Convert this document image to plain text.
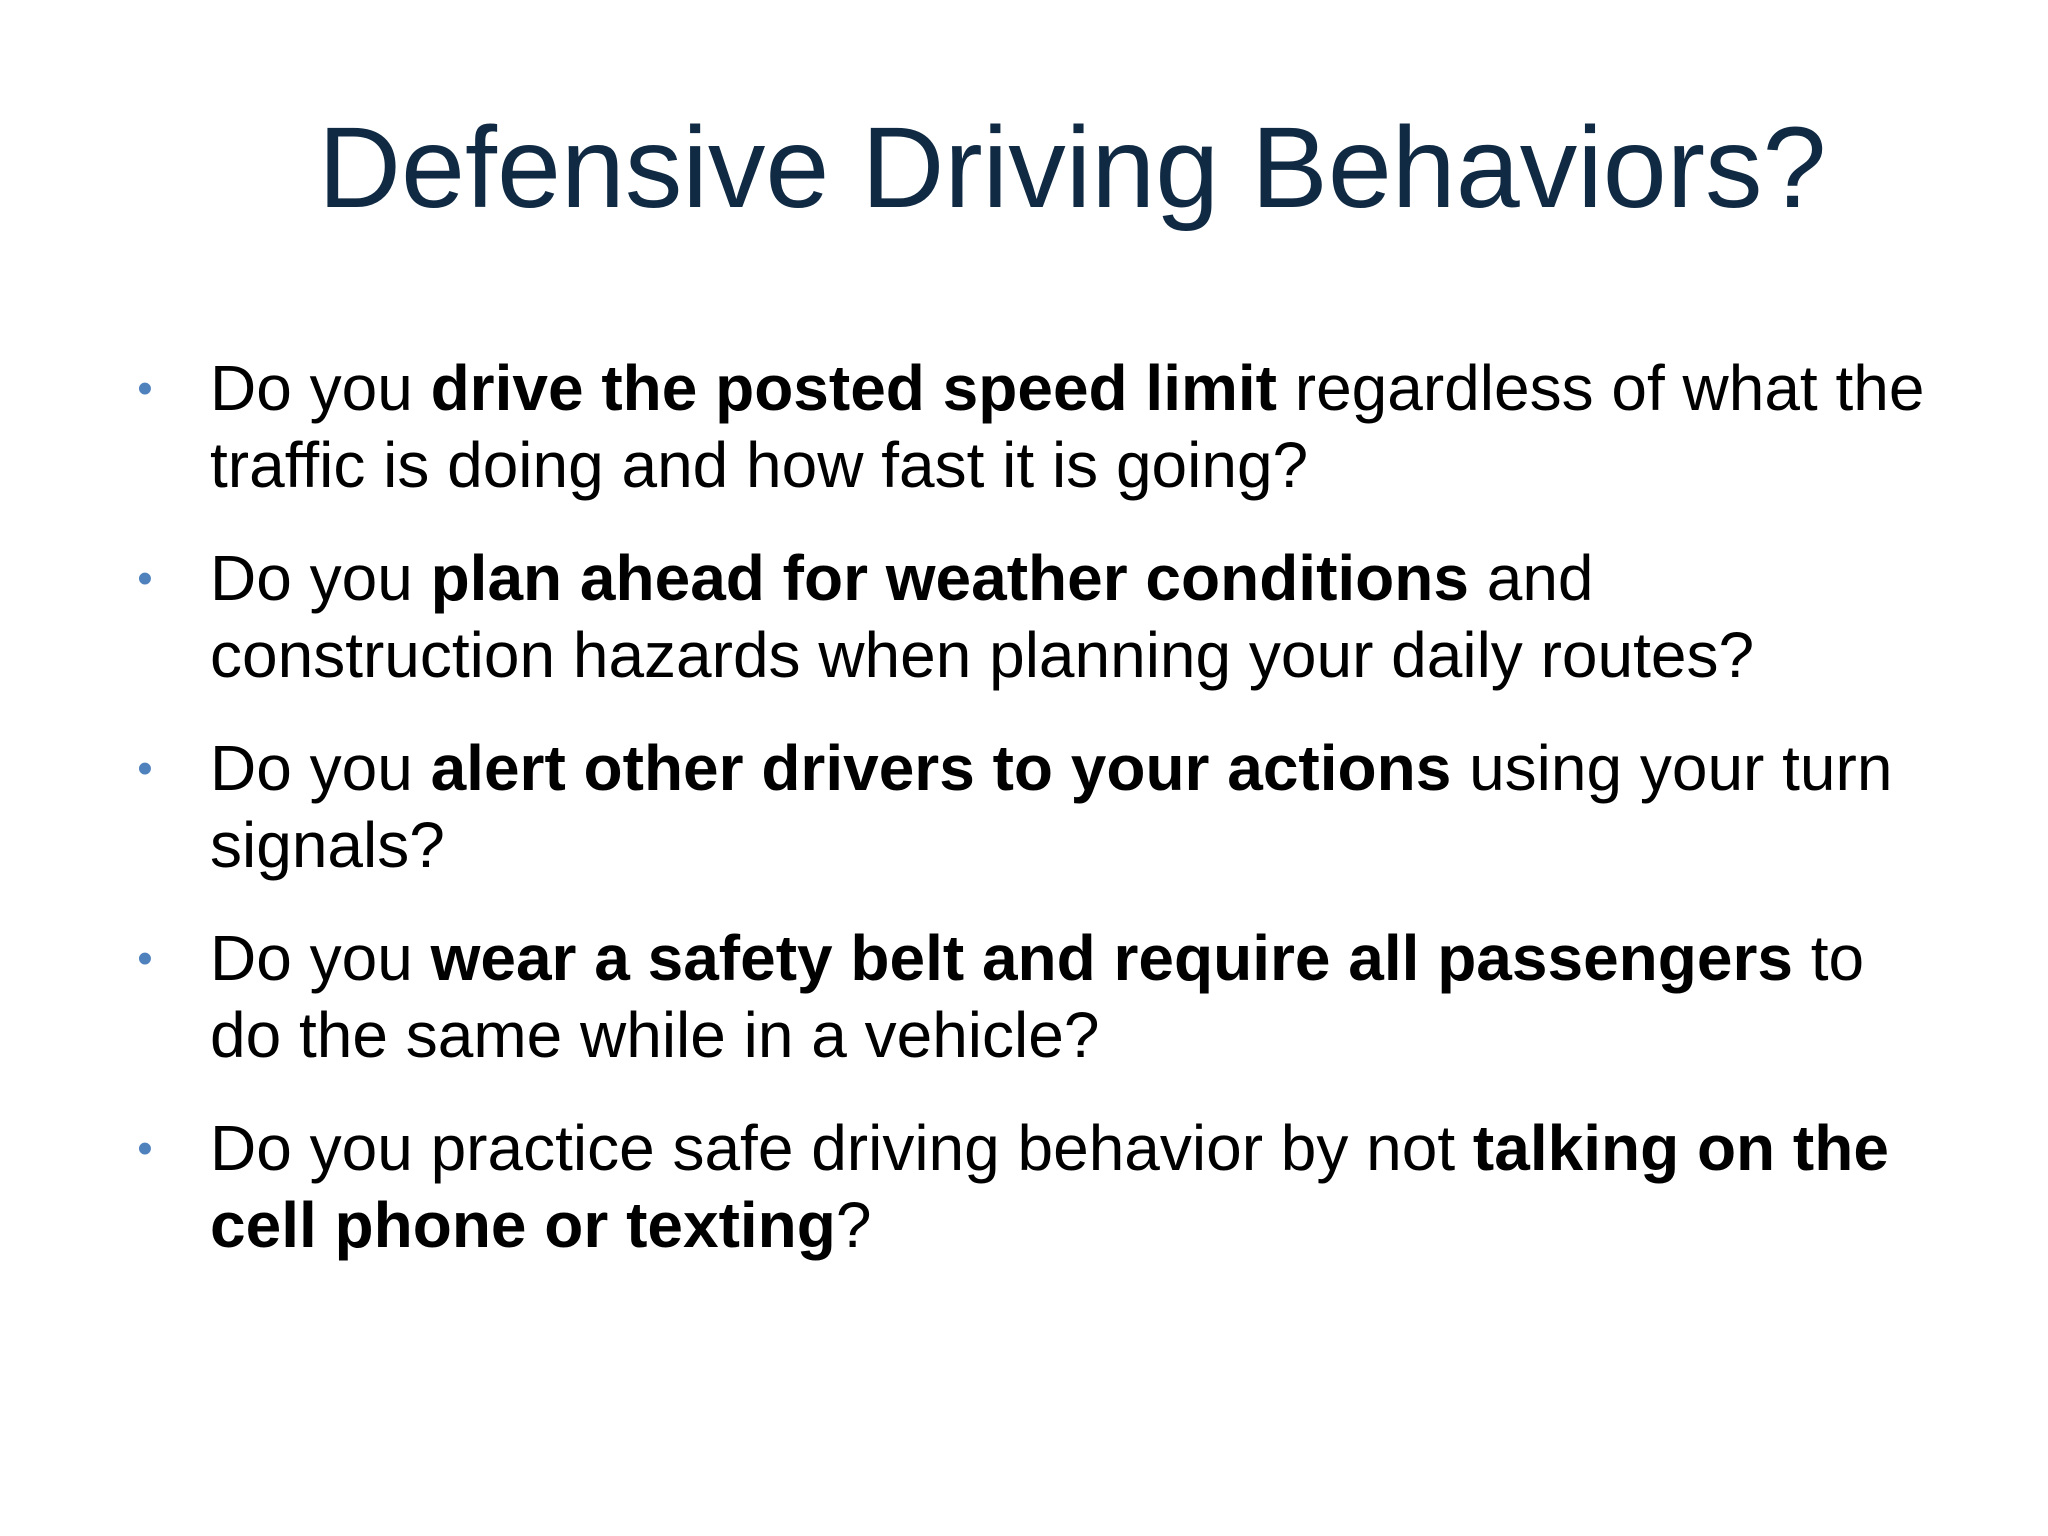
Defensive Driving Behaviors?
• Do you drive the posted speed limit regardless of what the traffic is doing and how fast it is going?
• Do you plan ahead for weather conditions and construction hazards when planning your daily routes?
• Do you alert other drivers to your actions using your turn signals?
• Do you wear a safety belt and require all passengers to do the same while in a vehicle?
• Do you practice safe driving behavior by not talking on the cell phone or texting?
